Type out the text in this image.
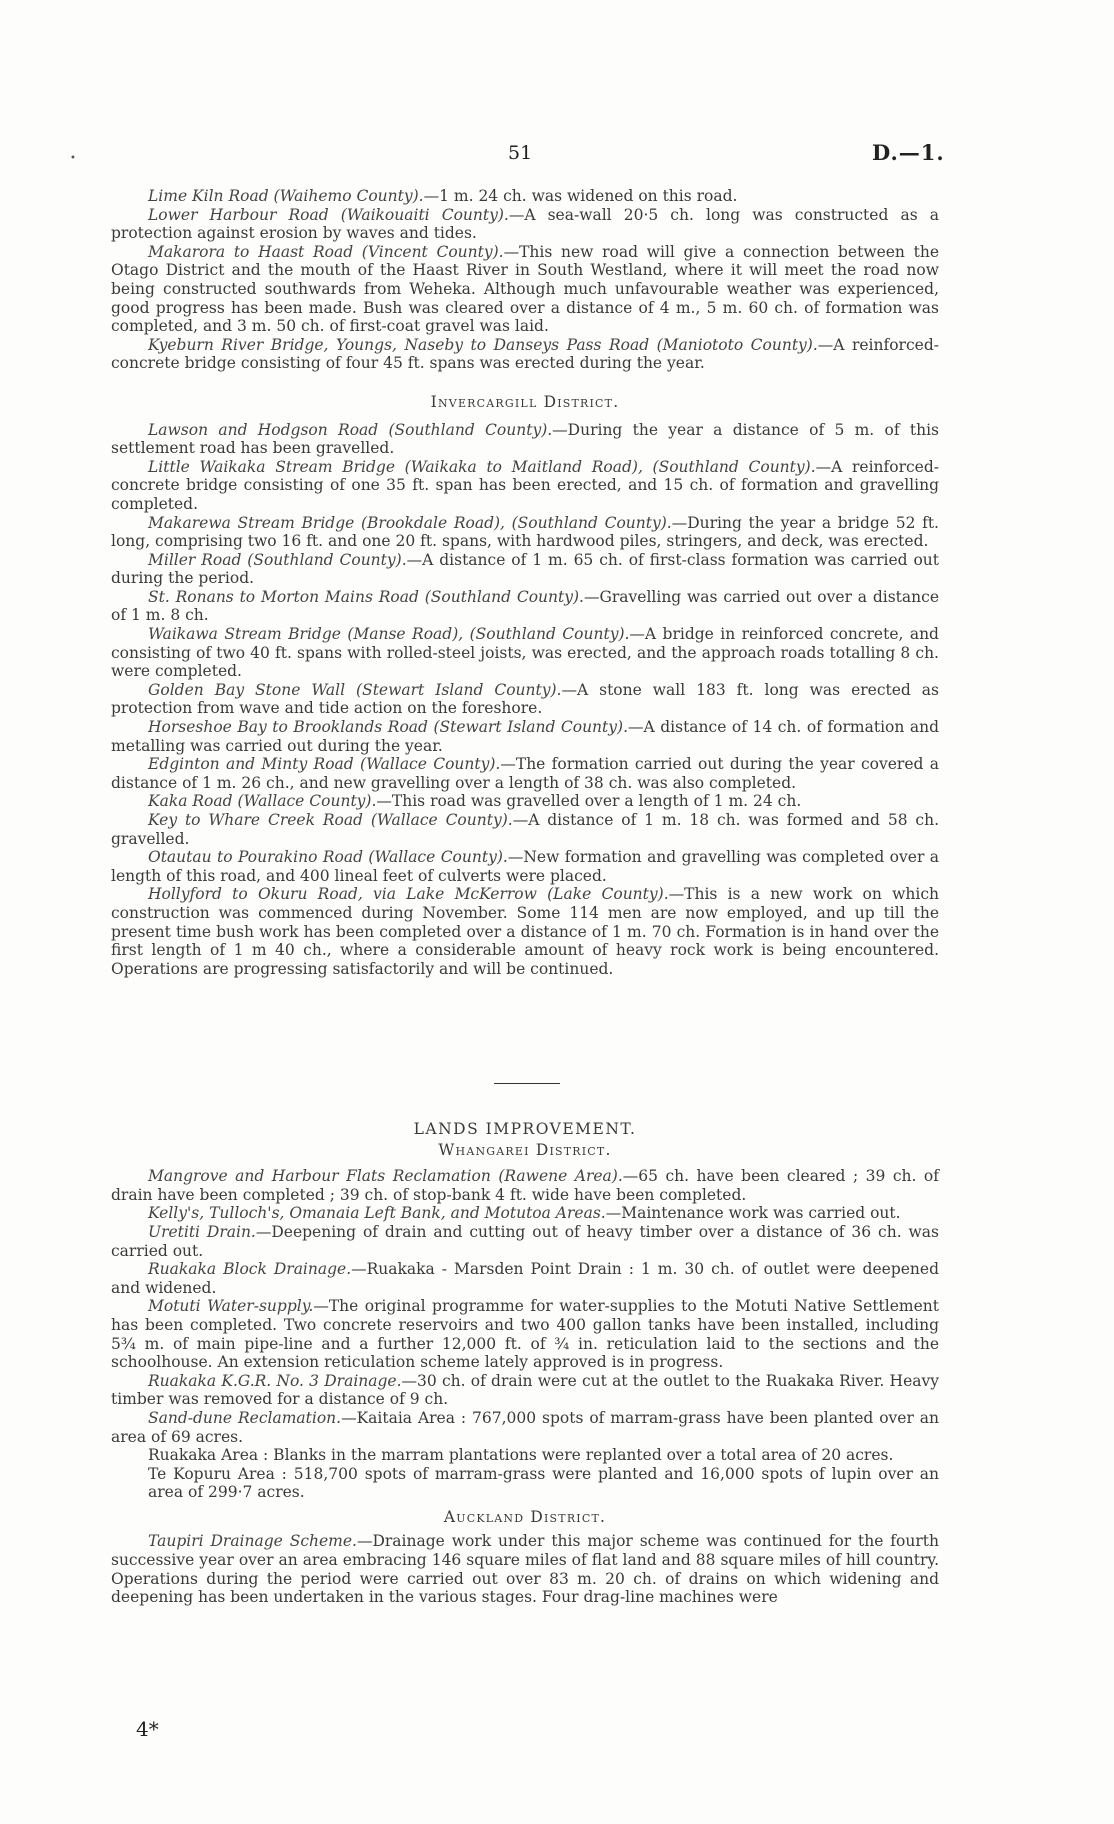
•	51	D.—1.

Lime Kiln Road (Waihemo County).—1 m. 24 ch. was widened on this road.

Lower Harbour Road (Waikouaiti County).—A sea-wall 20·5 ch. long was constructed as a protection against erosion by waves and tides.

Makarora to Haast Road (Vincent County).—This new road will give a connection between the Otago District and the mouth of the Haast River in South Westland, where it will meet the road now being constructed southwards from Weheka. Although much unfavourable weather was experienced, good progress has been made. Bush was cleared over a distance of 4 m., 5 m. 60 ch. of formation was completed, and 3 m. 50 ch. of first-coat gravel was laid.

Kyeburn River Bridge, Youngs, Naseby to Danseys Pass Road (Maniototo County).—A reinforced-concrete bridge consisting of four 45 ft. spans was erected during the year.

Invercargill District.

Lawson and Hodgson Road (Southland County).—During the year a distance of 5 m. of this settlement road has been gravelled.

Little Waikaka Stream Bridge (Waikaka to Maitland Road), (Southland County).—A reinforced-concrete bridge consisting of one 35 ft. span has been erected, and 15 ch. of formation and gravelling completed.

Makarewa Stream Bridge (Brookdale Road), (Southland County).—During the year a bridge 52 ft. long, comprising two 16 ft. and one 20 ft. spans, with hardwood piles, stringers, and deck, was erected.

Miller Road (Southland County).—A distance of 1 m. 65 ch. of first-class formation was carried out during the period.

St. Ronans to Morton Mains Road (Southland County).—Gravelling was carried out over a distance of 1 m. 8 ch.

Waikawa Stream Bridge (Manse Road), (Southland County).—A bridge in reinforced concrete, and consisting of two 40 ft. spans with rolled-steel joists, was erected, and the approach roads totalling 8 ch. were completed.

Golden Bay Stone Wall (Stewart Island County).—A stone wall 183 ft. long was erected as protection from wave and tide action on the foreshore.

Horseshoe Bay to Brooklands Road (Stewart Island County).—A distance of 14 ch. of formation and metalling was carried out during the year.

Edginton and Minty Road (Wallace County).—The formation carried out during the year covered a distance of 1 m. 26 ch., and new gravelling over a length of 38 ch. was also completed.

Kaka Road (Wallace County).—This road was gravelled over a length of 1 m. 24 ch.

Key to Whare Creek Road (Wallace County).—A distance of 1 m. 18 ch. was formed and 58 ch. gravelled.

Otautau to Pourakino Road (Wallace County).—New formation and gravelling was completed over a length of this road, and 400 lineal feet of culverts were placed.

Hollyford to Okuru Road, via Lake McKerrow (Lake County).—This is a new work on which construction was commenced during November. Some 114 men are now employed, and up till the present time bush work has been completed over a distance of 1 m. 70 ch. Formation is in hand over the first length of 1 m 40 ch., where a considerable amount of heavy rock work is being encountered. Operations are progressing satisfactorily and will be continued.

LANDS IMPROVEMENT.
Whangarei District.

Mangrove and Harbour Flats Reclamation (Rawene Area).—65 ch. have been cleared ; 39 ch. of drain have been completed ; 39 ch. of stop-bank 4 ft. wide have been completed.

Kelly's, Tulloch's, Omanaia Left Bank, and Motutoa Areas.—Maintenance work was carried out.

Uretiti Drain.—Deepening of drain and cutting out of heavy timber over a distance of 36 ch. was carried out.

Ruakaka Block Drainage.—Ruakaka - Marsden Point Drain : 1 m. 30 ch. of outlet were deepened and widened.

Motuti Water-supply.—The original programme for water-supplies to the Motuti Native Settlement has been completed. Two concrete reservoirs and two 400 gallon tanks have been installed, including 5¾ m. of main pipe-line and a further 12,000 ft. of ¾ in. reticulation laid to the sections and the schoolhouse. An extension reticulation scheme lately approved is in progress.

Ruakaka K.G.R. No. 3 Drainage.—30 ch. of drain were cut at the outlet to the Ruakaka River. Heavy timber was removed for a distance of 9 ch.

Sand-dune Reclamation.—Kaitaia Area : 767,000 spots of marram-grass have been planted over an area of 69 acres.

Ruakaka Area : Blanks in the marram plantations were replanted over a total area of 20 acres.

Te Kopuru Area : 518,700 spots of marram-grass were planted and 16,000 spots of lupin over an area of 299·7 acres.

Auckland District.

Taupiri Drainage Scheme.—Drainage work under this major scheme was continued for the fourth successive year over an area embracing 146 square miles of flat land and 88 square miles of hill country. Operations during the period were carried out over 83 m. 20 ch. of drains on which widening and deepening has been undertaken in the various stages. Four drag-line machines were

4*
